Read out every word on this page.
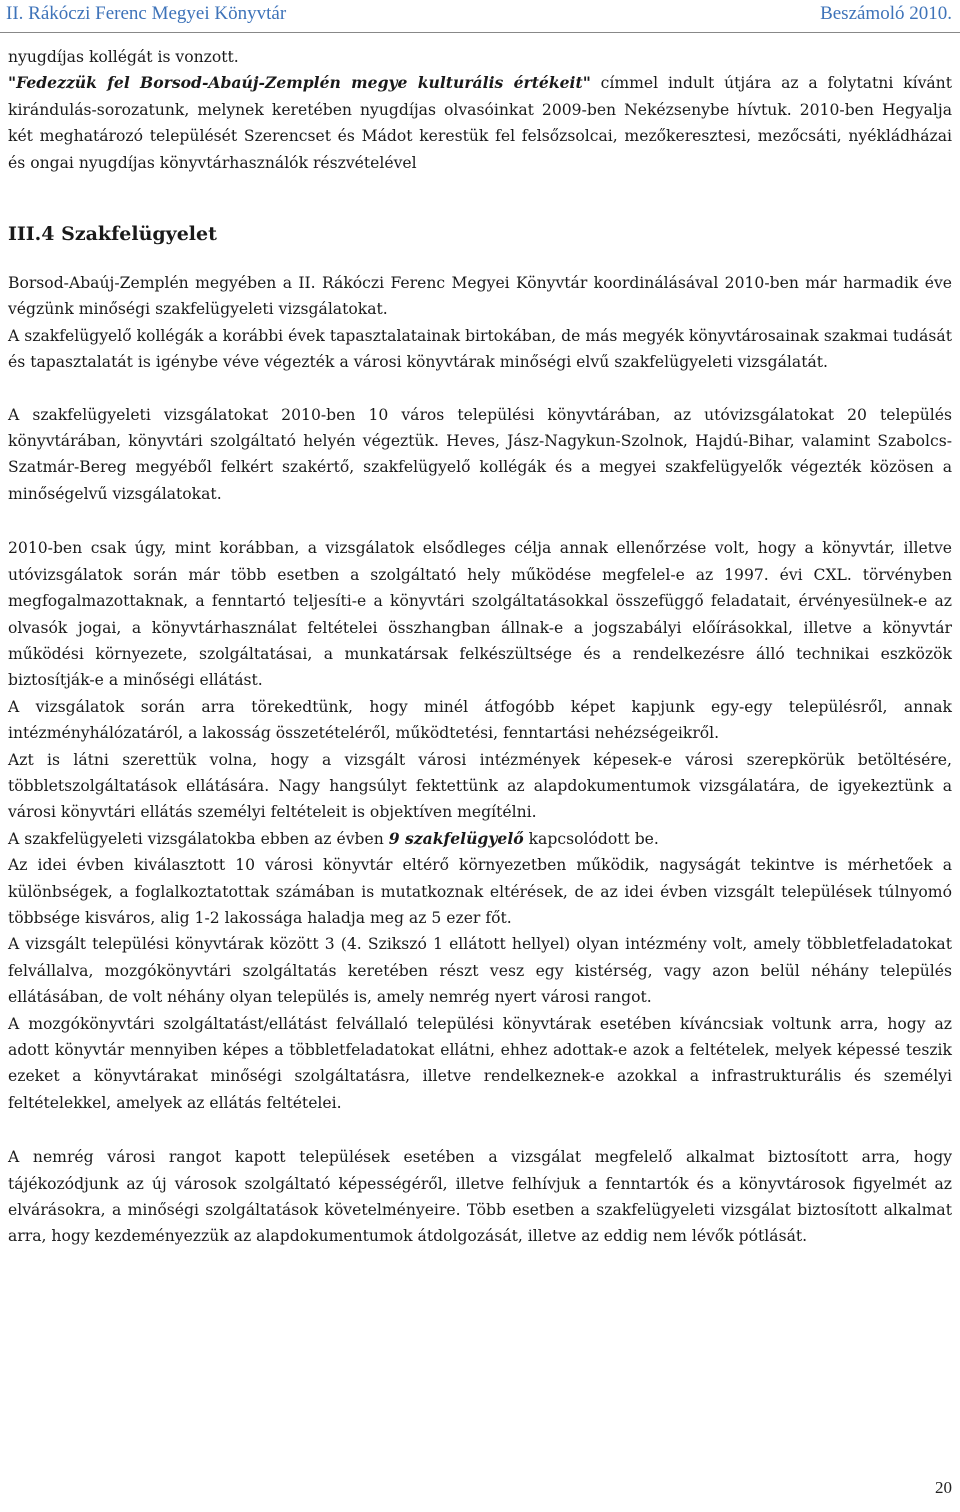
II. Rákóczi Ferenc Megyei Könyvtár	Beszámoló 2010.

nyugdíjas kollégát is vonzott.

"Fedezzük fel Borsod-Abaúj-Zemplén megye kulturális értékeit" címmel indult útjára az a folytatni kívánt kirándulás-sorozatunk, melynek keretében nyugdíjas olvasóinkat 2009-ben Nekézsenybe hívtuk. 2010-ben Hegyalja két meghatározó települését Szerencset és Mádot kerestük fel felsőzsolcai, mezőkeresztesi, mezőcsáti, nyékládházai és ongai nyugdíjas könyvtárhasználók részvételével

III.4 Szakfelügyelet

Borsod-Abaúj-Zemplén megyében a II. Rákóczi Ferenc Megyei Könyvtár koordinálásával 2010-ben már harmadik éve végzünk minőségi szakfelügyeleti vizsgálatokat.

A szakfelügyelő kollégák a korábbi évek tapasztalatainak birtokában, de más megyék könyvtárosainak szakmai tudását és tapasztalatát is igénybe véve végezték a városi könyvtárak minőségi elvű szakfelügyeleti vizsgálatát.

A szakfelügyeleti vizsgálatokat 2010-ben 10 város települési könyvtárában, az utóvizsgálatokat 20 település könyvtárában, könyvtári szolgáltató helyén végeztük. Heves, Jász-Nagykun-Szolnok, Hajdú-Bihar, valamint Szabolcs-Szatmár-Bereg megyéből felkért szakértő, szakfelügyelő kollégák és a megyei szakfelügyelők végezték közösen a minőségelvű vizsgálatokat.

2010-ben csak úgy, mint korábban, a vizsgálatok elsődleges célja annak ellenőrzése volt, hogy a könyvtár, illetve utóvizsgálatok során már több esetben a szolgáltató hely működése megfelel-e az 1997. évi CXL. törvényben megfogalmazottaknak, a fenntartó teljesíti-e a könyvtári szolgáltatásokkal összefüggő feladatait, érvényesülnek-e az olvasók jogai, a könyvtárhasználat feltételei összhangban állnak-e a jogszabályi előírásokkal, illetve a könyvtár működési környezete, szolgáltatásai, a munkatársak felkészültsége és a rendelkezésre álló technikai eszközök biztosítják-e a minőségi ellátást.

A vizsgálatok során arra törekedtünk, hogy minél átfogóbb képet kapjunk egy-egy településről, annak intézményhálózatáról, a lakosság összetételéről, működtetési, fenntartási nehézségeikről.

Azt is látni szerettük volna, hogy a vizsgált városi intézmények képesek-e városi szerepkörük betöltésére, többletszolgáltatások ellátására. Nagy hangsúlyt fektettünk az alapdokumentumok vizsgálatára, de igyekeztünk a városi könyvtári ellátás személyi feltételeit is objektíven megítélni.

A szakfelügyeleti vizsgálatokba ebben az évben 9 szakfelügyelő kapcsolódott be.

Az idei évben kiválasztott 10 városi könyvtár eltérő környezetben működik, nagyságát tekintve is mérhetőek a különbségek, a foglalkoztatottak számában is mutatkoznak eltérések, de az idei évben vizsgált települések túlnyomó többsége kisváros, alig 1-2 lakossága haladja meg az 5 ezer főt.

A vizsgált települési könyvtárak között 3 (4. Szikszó 1 ellátott hellyel) olyan intézmény volt, amely többletfeladatokat felvállalva, mozgókönyvtári szolgáltatás keretében részt vesz egy kistérség, vagy azon belül néhány település ellátásában, de volt néhány olyan település is, amely nemrég nyert városi rangot.

A mozgókönyvtári szolgáltatást/ellátást felvállaló települési könyvtárak esetében kíváncsiak voltunk arra, hogy az adott könyvtár mennyiben képes a többletfeladatokat ellátni, ehhez adottak-e azok a feltételek, melyek képessé teszik ezeket a könyvtárakat minőségi szolgáltatásra, illetve rendelkeznek-e azokkal a infrastrukturális és személyi feltételekkel, amelyek az ellátás feltételei.

A nemrég városi rangot kapott települések esetében a vizsgálat megfelelő alkalmat biztosított arra, hogy tájékozódjunk az új városok szolgáltató képességéről, illetve felhívjuk a fenntartók és a könyvtárosok figyelmét az elvárásokra, a minőségi szolgáltatások követelményeire. Több esetben a szakfelügyeleti vizsgálat biztosított alkalmat arra, hogy kezdeményezzük az alapdokumentumok átdolgozását, illetve az eddig nem lévők pótlását.

20
